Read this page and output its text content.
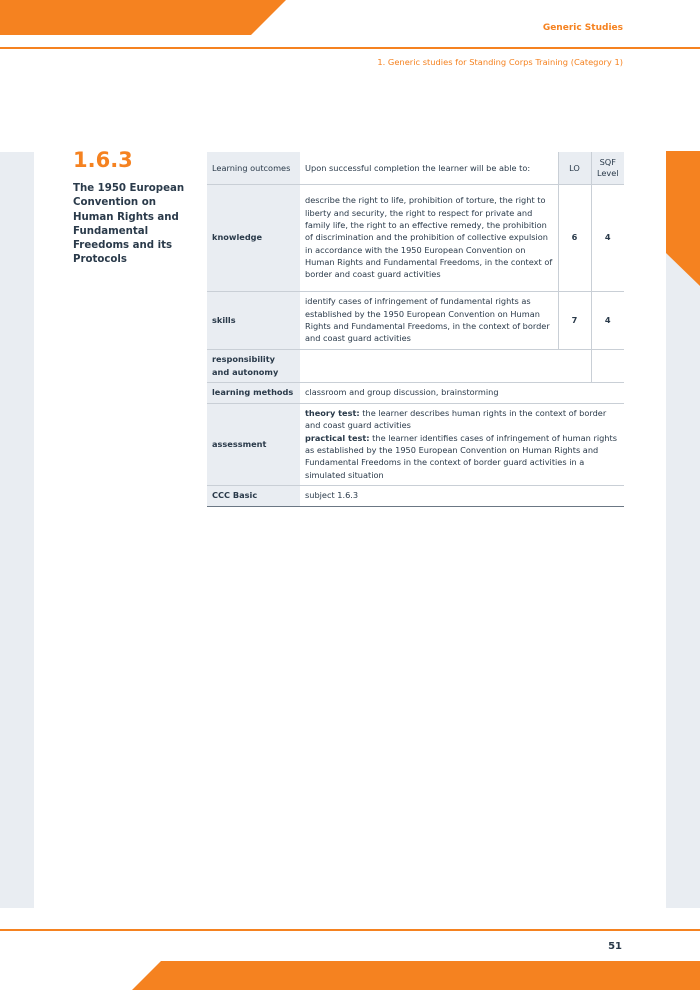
Generic Studies
1. Generic studies for Standing Corps Training (Category 1)
1.6.3
The 1950 European Convention on Human Rights and Fundamental Freedoms and its Protocols
Learning outcomes	Upon successful completion the learner will be able to:	LO	SQF Level
knowledge	describe the right to life, prohibition of torture, the right to liberty and security, the right to respect for private and family life, the right to an effective remedy, the prohibition of discrimination and the prohibition of collective expulsion in accordance with the 1950 European Convention on Human Rights and Fundamental Freedoms, in the context of border and coast guard activities	6	4
skills	identify cases of infringement of fundamental rights as established by the 1950 European Convention on Human Rights and Fundamental Freedoms, in the context of border and coast guard activities	7	4
responsibility and autonomy			
learning methods	classroom and group discussion, brainstorming		
assessment	theory test: the learner describes human rights in the context of border and coast guard activities
practical test: the learner identifies cases of infringement of human rights as established by the 1950 European Convention on Human Rights and Fundamental Freedoms in the context of border guard activities in a simulated situation		
CCC Basic	subject 1.6.3		
51
